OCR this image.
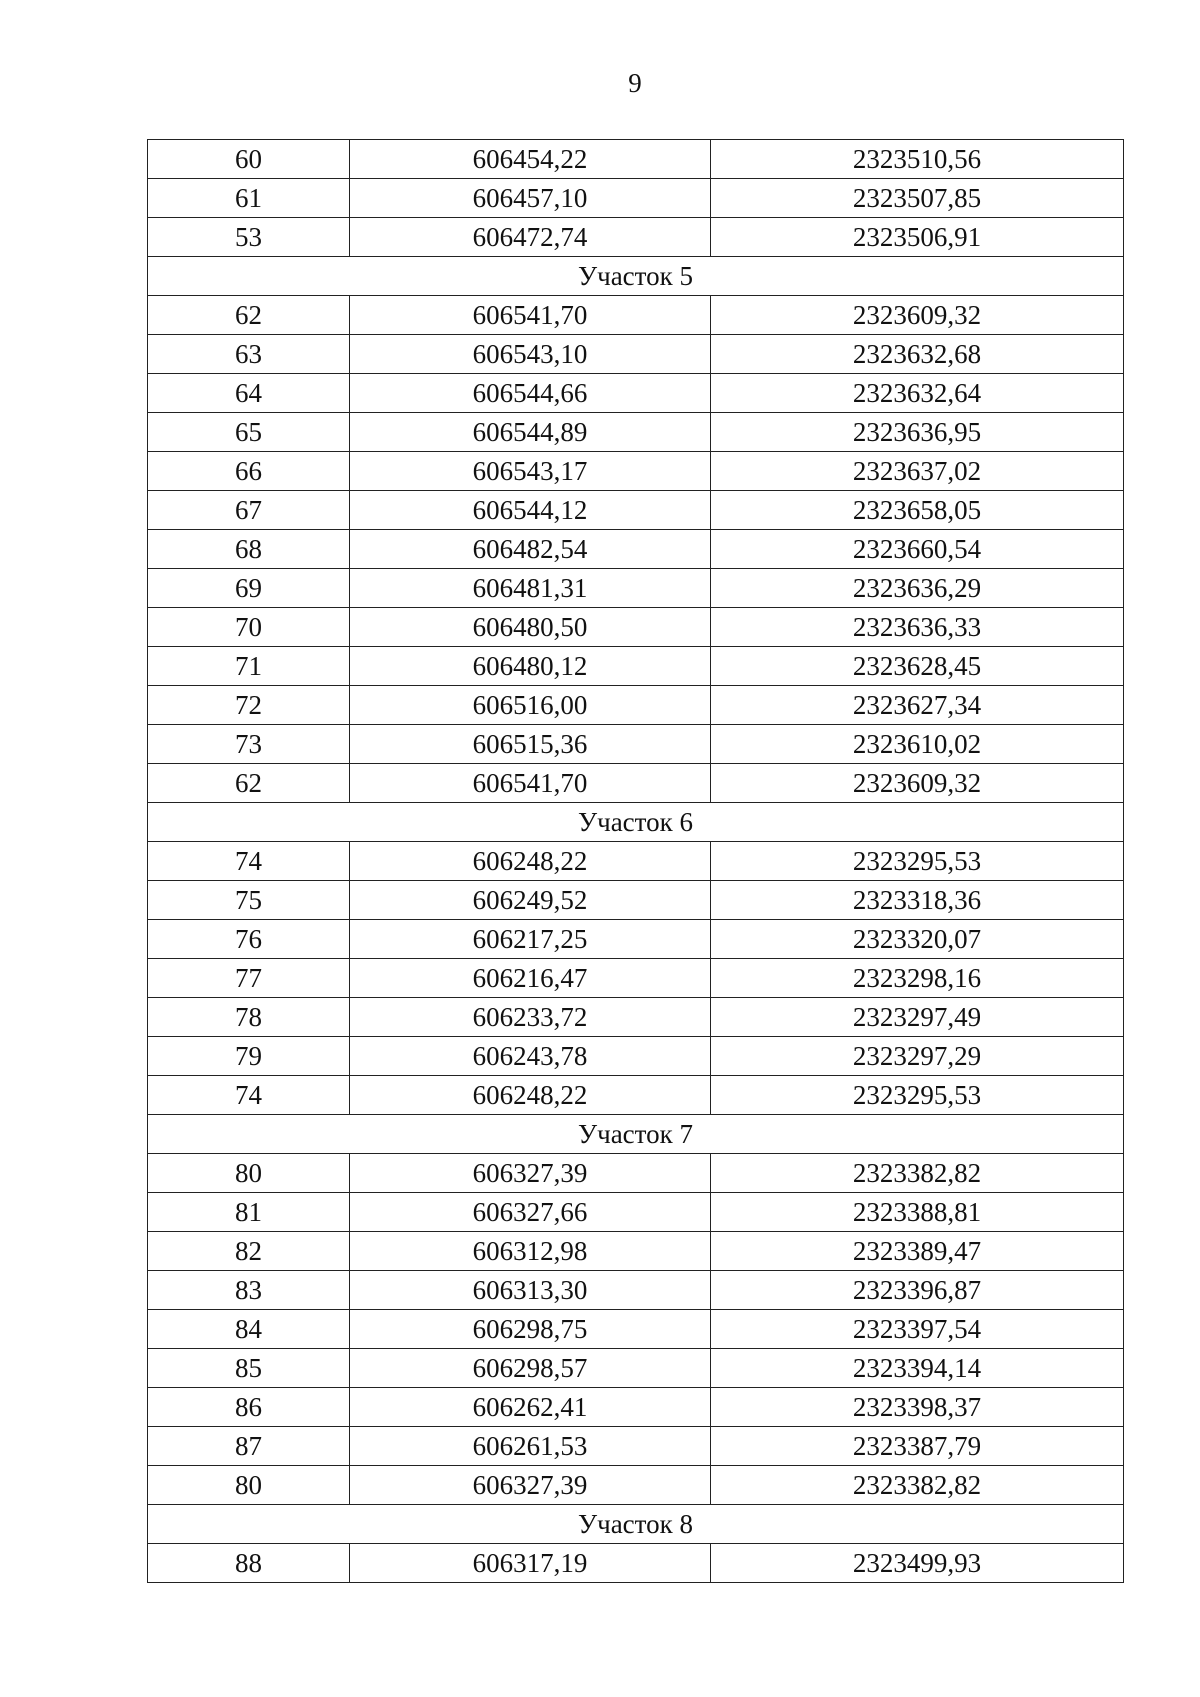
9
60	606454,22	2323510,56
61	606457,10	2323507,85
53	606472,74	2323506,91
Участок 5		
62	606541,70	2323609,32
63	606543,10	2323632,68
64	606544,66	2323632,64
65	606544,89	2323636,95
66	606543,17	2323637,02
67	606544,12	2323658,05
68	606482,54	2323660,54
69	606481,31	2323636,29
70	606480,50	2323636,33
71	606480,12	2323628,45
72	606516,00	2323627,34
73	606515,36	2323610,02
62	606541,70	2323609,32
Участок 6		
74	606248,22	2323295,53
75	606249,52	2323318,36
76	606217,25	2323320,07
77	606216,47	2323298,16
78	606233,72	2323297,49
79	606243,78	2323297,29
74	606248,22	2323295,53
Участок 7		
80	606327,39	2323382,82
81	606327,66	2323388,81
82	606312,98	2323389,47
83	606313,30	2323396,87
84	606298,75	2323397,54
85	606298,57	2323394,14
86	606262,41	2323398,37
87	606261,53	2323387,79
80	606327,39	2323382,82
Участок 8		
88	606317,19	2323499,93
